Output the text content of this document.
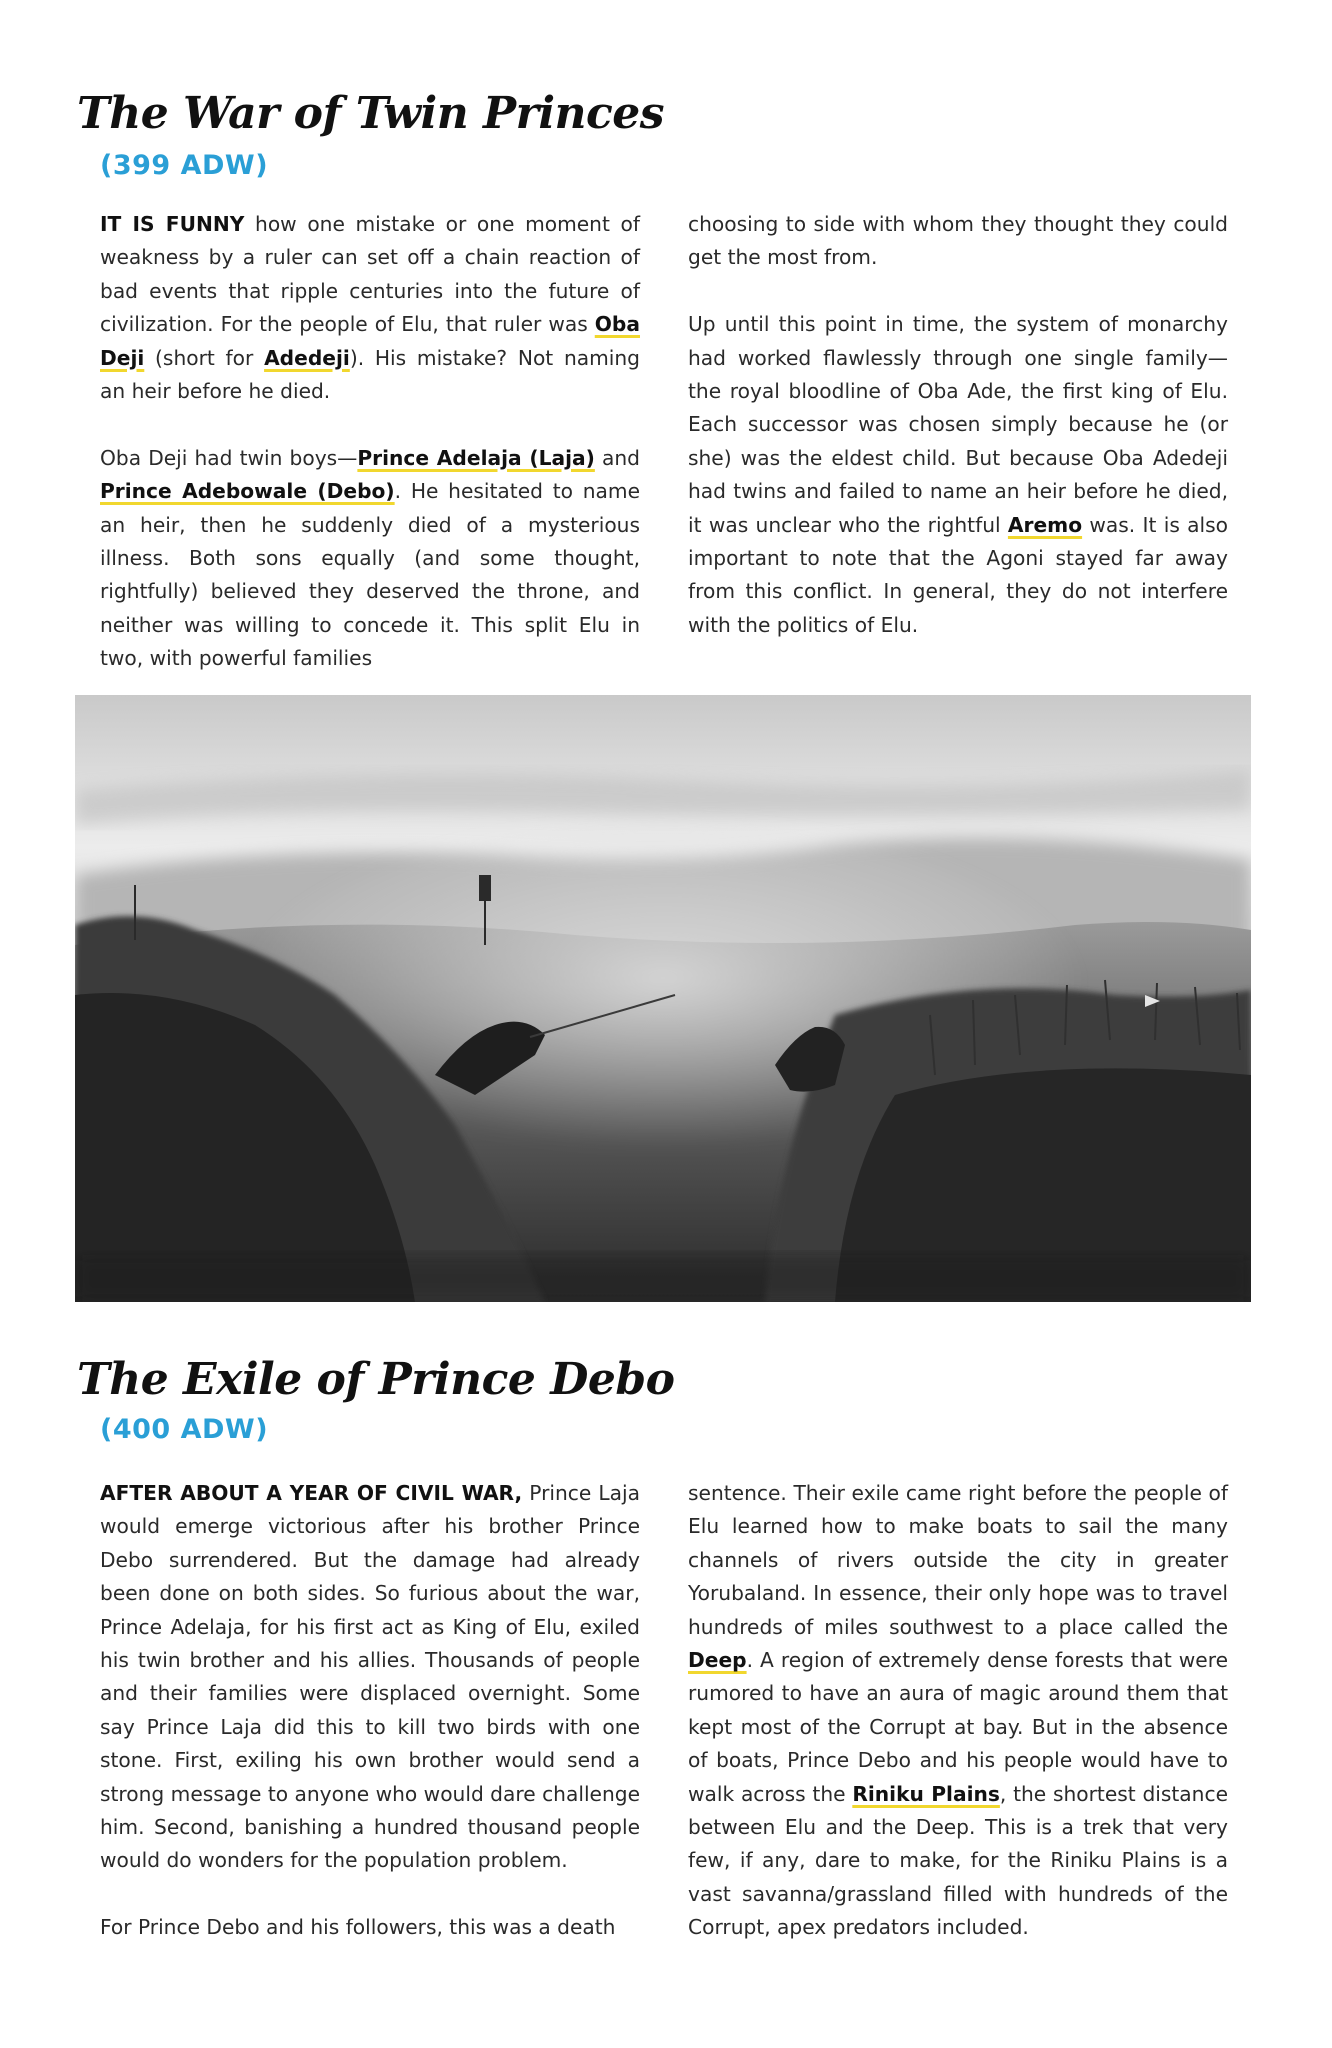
The War of Twin Princes
(399 ADW)

IT IS FUNNY how one mistake or one moment of weakness by a ruler can set off a chain reaction of bad events that ripple centuries into the future of civilization. For the people of Elu, that ruler was Oba Deji (short for Adedeji). His mistake? Not naming an heir before he died.

Oba Deji had twin boys—Prince Adelaja (Laja) and Prince Adebowale (Debo). He hesitated to name an heir, then he suddenly died of a mysterious illness. Both sons equally (and some thought, rightfully) believed they deserved the throne, and neither was willing to concede it. This split Elu in two, with powerful families

choosing to side with whom they thought they could get the most from.

Up until this point in time, the system of monarchy had worked flawlessly through one single family—the royal bloodline of Oba Ade, the first king of Elu. Each successor was chosen simply because he (or she) was the eldest child. But because Oba Adedeji had twins and failed to name an heir before he died, it was unclear who the rightful Aremo was. It is also important to note that the Agoni stayed far away from this conflict. In general, they do not interfere with the politics of Elu.

The Exile of Prince Debo
(400 ADW)

AFTER ABOUT A YEAR OF CIVIL WAR, Prince Laja would emerge victorious after his brother Prince Debo surrendered. But the damage had already been done on both sides. So furious about the war, Prince Adelaja, for his first act as King of Elu, exiled his twin brother and his allies. Thousands of people and their families were displaced overnight. Some say Prince Laja did this to kill two birds with one stone. First, exiling his own brother would send a strong message to anyone who would dare challenge him. Second, banishing a hundred thousand people would do wonders for the population problem.

For Prince Debo and his followers, this was a death

sentence. Their exile came right before the people of Elu learned how to make boats to sail the many channels of rivers outside the city in greater Yorubaland. In essence, their only hope was to travel hundreds of miles southwest to a place called the Deep. A region of extremely dense forests that were rumored to have an aura of magic around them that kept most of the Corrupt at bay. But in the absence of boats, Prince Debo and his people would have to walk across the Riniku Plains, the shortest distance between Elu and the Deep. This is a trek that very few, if any, dare to make, for the Riniku Plains is a vast savanna/grassland filled with hundreds of the Corrupt, apex predators included.
